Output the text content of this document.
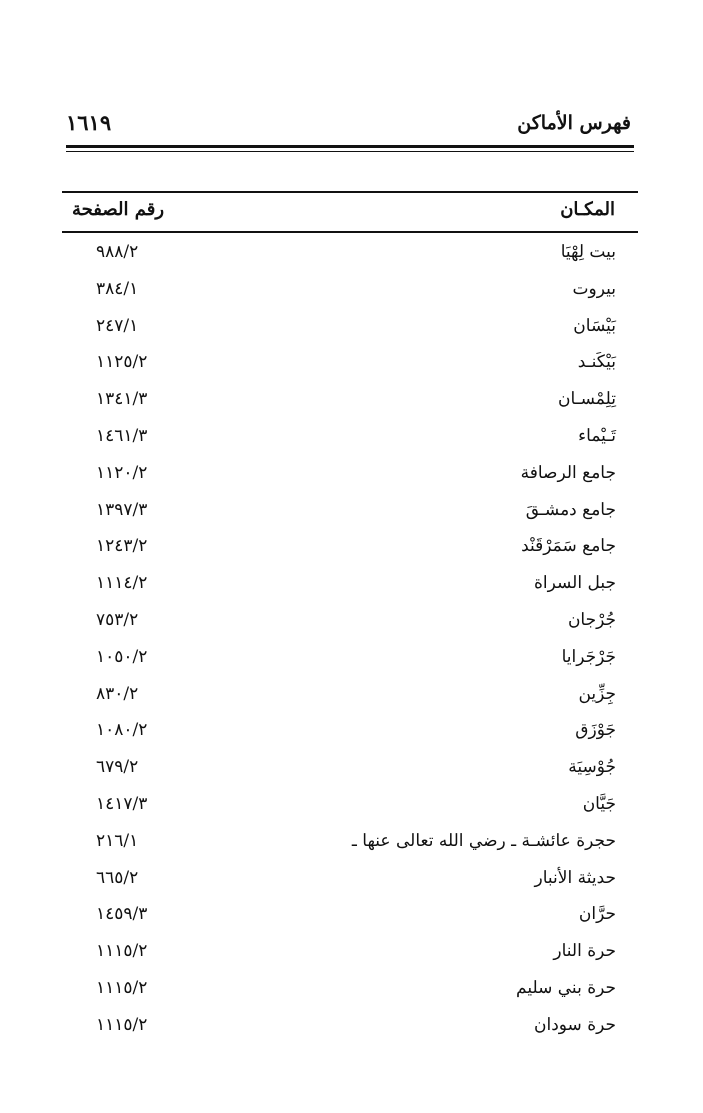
فهرس الأماكن
١٦١٩
المكـان
رقم الصفحة
بيت لِهْيَا
٩٨٨/٢
بيروت
٣٨٤/١
بَيْسَان
٢٤٧/١
بَيْكَنـد
١١٢٥/٢
تِلِمْسـان
١٣٤١/٣
تَـيْماء
١٤٦١/٣
جامع الرصافة
١١٢٠/٢
جامع دمشـقَ
١٣٩٧/٣
جامع سَمَرْقَنْد
١٢٤٣/٢
جبل السراة
١١١٤/٢
جُرْجان
٧٥٣/٢
جَرْجَرايا
١٠٥٠/٢
جِزِّين
٨٣٠/٢
جَوْزَق
١٠٨٠/٢
جُوْسِيَة
٦٧٩/٢
جَيَّان
١٤١٧/٣
حجرة عائشـة ـ رضي الله تعالى عنها ـ
٢١٦/١
حديثة الأنبار
٦٦٥/٢
حرَّان
١٤٥٩/٣
حرة النار
١١١٥/٢
حرة بني سليم
١١١٥/٢
حرة سودان
١١١٥/٢
